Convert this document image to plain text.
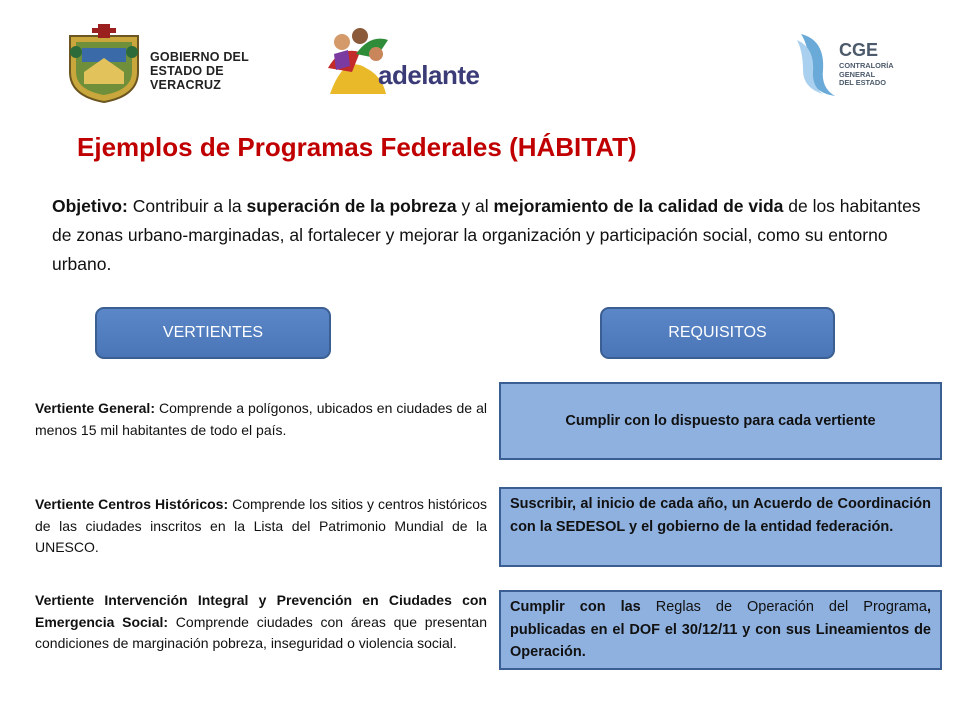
GOBIERNO DEL
ESTADO DE VERACRUZ	adelante
CGE
CONTRALORÍA GENERAL
DEL ESTADO
Ejemplos de Programas Federales (HÁBITAT)
Objetivo: Contribuir a la superación de la pobreza y al mejoramiento de la calidad de vida de los habitantes de zonas urbano-marginadas, al fortalecer y mejorar la organización y participación social, como su entorno urbano.
VERTIENTES	REQUISITOS
Vertiente General: Comprende a polígonos, ubicados en ciudades de al menos 15 mil habitantes de todo el país.
Vertiente Centros Históricos: Comprende los sitios y centros históricos de las ciudades inscritos en la Lista del Patrimonio Mundial de la UNESCO.
Vertiente Intervención Integral y Prevención en Ciudades con Emergencia Social: Comprende ciudades con áreas que presentan condiciones de marginación pobreza, inseguridad o violencia social.
Cumplir con lo dispuesto para cada vertiente
Suscribir, al inicio de cada año, un Acuerdo de Coordinación con la SEDESOL y el gobierno de la entidad federación.
Cumplir con las Reglas de Operación del Programa, publicadas en el DOF el 30/12/11 y con sus Lineamientos de Operación.
